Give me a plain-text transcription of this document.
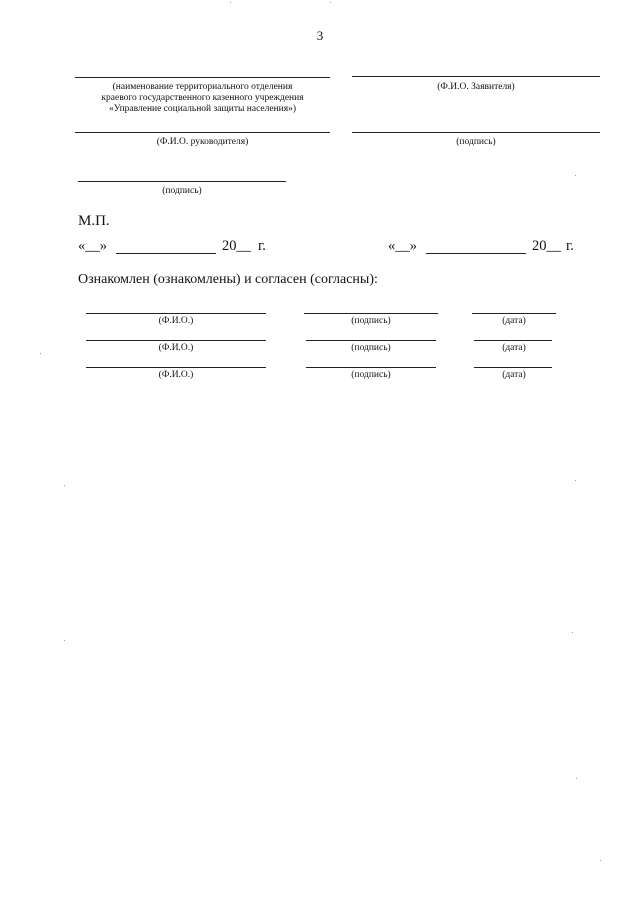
3
(наименование территориального отделения
краевого государственного казенного учреждения
«Управление социальной защиты населения»)
(Ф.И.О. Заявителя)
(Ф.И.О. руководителя)	(подпись)
(подпись)
М.П.
«__»	20__ г.	«__»	20__ г.
Ознакомлен (ознакомлены) и согласен (согласны):
(Ф.И.О.)	(подпись)	(дата)
(Ф.И.О.)	(подпись)	(дата)
(Ф.И.О.)	(подпись)	(дата)
